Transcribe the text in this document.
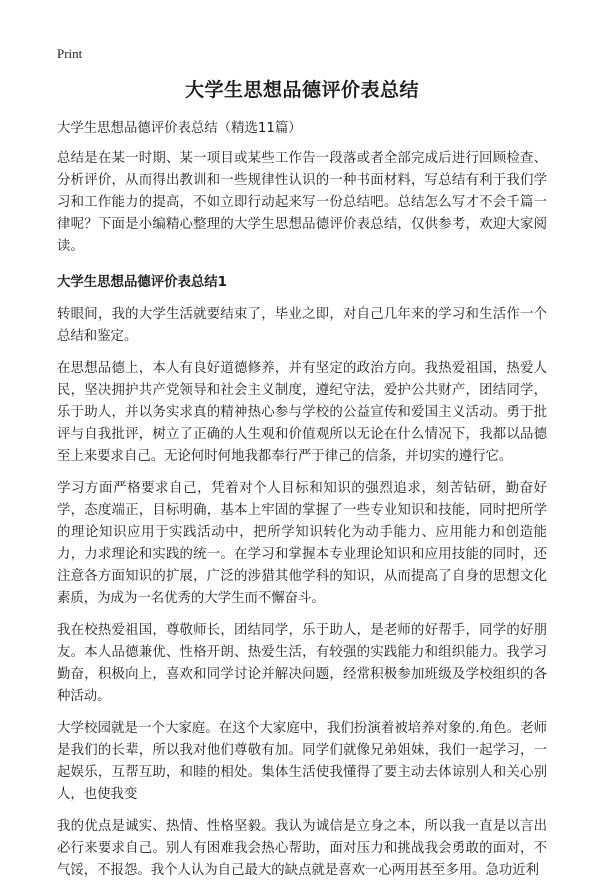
Print
大学生思想品德评价表总结
大学生思想品德评价表总结（精选11篇）

总结是在某一时期、某一项目或某些工作告一段落或者全部完成后进行回顾检查、分析评价，从而得出教训和一些规律性认识的一种书面材料，写总结有利于我们学习和工作能力的提高，不如立即行动起来写一份总结吧。总结怎么写才不会千篇一律呢？下面是小编精心整理的大学生思想品德评价表总结，仅供参考，欢迎大家阅读。

大学生思想品德评价表总结1

转眼间，我的大学生活就要结束了，毕业之即，对自己几年来的学习和生活作一个总结和鉴定。

在思想品德上，本人有良好道德修养，并有坚定的政治方向。我热爱祖国，热爱人民，坚决拥护共产党领导和社会主义制度，遵纪守法，爱护公共财产，团结同学，乐于助人，并以务实求真的精神热心参与学校的公益宣传和爱国主义活动。勇于批评与自我批评，树立了正确的人生观和价值观所以无论在什么情况下，我都以品德至上来要求自己。无论何时何地我都奉行严于律己的信条，并切实的遵行它。

学习方面严格要求自己，凭着对个人目标和知识的强烈追求，刻苦钻研，勤奋好学，态度端正，目标明确，基本上牢固的掌握了一些专业知识和技能，同时把所学的理论知识应用于实践活动中，把所学知识转化为动手能力、应用能力和创造能力，力求理论和实践的统一。在学习和掌握本专业理论知识和应用技能的同时，还注意各方面知识的扩展，广泛的涉猎其他学科的知识，从而提高了自身的思想文化素质，为成为一名优秀的大学生而不懈奋斗。

我在校热爱祖国，尊敬师长，团结同学，乐于助人，是老师的好帮手，同学的好朋友。本人品德兼优、性格开朗、热爱生活，有较强的实践能力和组织能力。我学习勤奋，积极向上，喜欢和同学讨论并解决问题，经常积极参加班级及学校组织的各种活动。

大学校园就是一个大家庭。在这个大家庭中，我们扮演着被培养对象的.角色。老师是我们的长辈，所以我对他们尊敬有加。同学们就像兄弟姐妹，我们一起学习，一起娱乐，互帮互助，和睦的相处。集体生活使我懂得了要主动去体谅别人和关心别人，也使我变

我的优点是诚实、热情、性格坚毅。我认为诚信是立身之本，所以我一直是以言出必行来要求自己。别人有困难我会热心帮助，面对压力和挑战我会勇敢的面对，不气馁，不报怨。我个人认为自己最大的缺点就是喜欢一心两用甚至多用。急功近利
